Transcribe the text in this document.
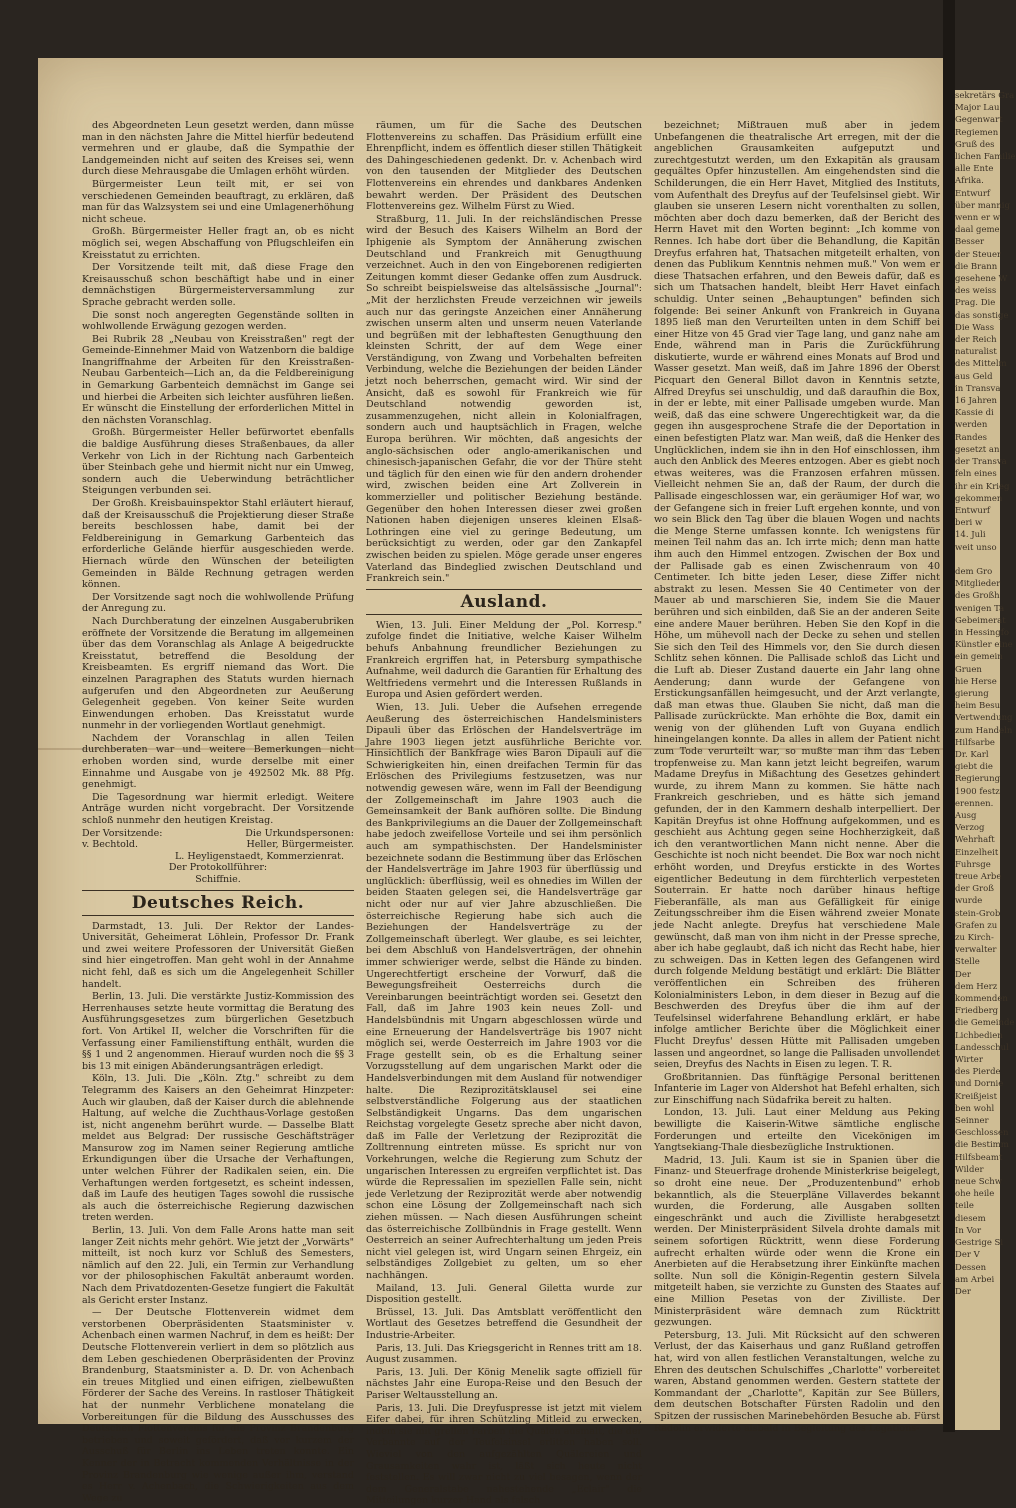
des Abgeordneten Leun gesetzt werden, dann müsse man in den nächsten Jahre die Mittel hierfür bedeutend vermehren und er glaube, daß die Sympathie der Landgemeinden nicht auf seiten des Kreises sei, wenn durch diese Mehrausgabe die Umlagen erhöht würden.

Bürgermeister Leun teilt mit, er sei von verschiedenen Gemeinden beauftragt, zu erklären, daß man für das Walzsystem sei und eine Umlagenerhöhung nicht scheue.

Großh. Bürgermeister Heller fragt an, ob es nicht möglich sei, wegen Abschaffung von Pflugschleifen ein Kreisstatut zu errichten.

Der Vorsitzende teilt mit, daß diese Frage den Kreisausschuß schon beschäftigt habe und in einer demnächstigen Bürgermeisterversammlung zur Sprache gebracht werden solle.

Die sonst noch angeregten Gegenstände sollten in wohlwollende Erwägung gezogen werden.

Bei Rubrik 28 „Neubau von Kreisstraßen" regt der Gemeinde-Einnehmer Maid von Watzenborn die baldige Inangriffnahme der Arbeiten für den Kreisstraßen-Neubau Garbenteich—Lich an, da die Feldbereinigung in Gemarkung Garbenteich demnächst im Gange sei und hierbei die Arbeiten sich leichter ausführen ließen. Er wünscht die Einstellung der erforderlichen Mittel in den nächsten Voranschlag.

Großh. Bürgermeister Heller befürwortet ebenfalls die baldige Ausführung dieses Straßenbaues, da aller Verkehr von Lich in der Richtung nach Garbenteich über Steinbach gehe und hiermit nicht nur ein Umweg, sondern auch die Ueberwindung beträchtlicher Steigungen verbunden sei.

Der Großh. Kreisbauinspektor Stahl erläutert hierauf, daß der Kreisausschuß die Projektierung dieser Straße bereits beschlossen habe, damit bei der Feldbereinigung in Gemarkung Garbenteich das erforderliche Gelände hierfür ausgeschieden werde. Hiernach würde den Wünschen der beteiligten Gemeinden in Bälde Rechnung getragen werden können.

Der Vorsitzende sagt noch die wohlwollende Prüfung der Anregung zu.

Nach Durchberatung der einzelnen Ausgaberubriken eröffnete der Vorsitzende die Beratung im allgemeinen über das dem Voranschlag als Anlage A beigedruckte Kreisstatut, betreffend die Besoldung der Kreisbeamten. Es ergriff niemand das Wort. Die einzelnen Paragraphen des Statuts wurden hiernach aufgerufen und den Abgeordneten zur Aeußerung Gelegenheit gegeben. Von keiner Seite wurden Einwendungen erhoben. Das Kreisstatut wurde nunmehr in der vorliegenden Wortlaut genehmigt.

Nachdem der Voranschlag in allen Teilen durchberaten war und weitere Bemerkungen nicht erhoben worden sind, wurde derselbe mit einer Einnahme und Ausgabe von je 492502 Mk. 88 Pfg. genehmigt.

Die Tagesordnung war hiermit erledigt. Weitere Anträge wurden nicht vorgebracht. Der Vorsitzende schloß nunmehr den heutigen Kreistag.

Der Vorsitzende:	Die Urkundspersonen:
v. Bechtold.	Heller, Bürgermeister.
L. Heyligenstaedt, Kommerzienrat.
Der Protokollführer:
Schiffnie.
Deutsches Reich.

Darmstadt, 13. Juli. Der Rektor der Landes-Universität, Geheimerat Löhlein, Professor Dr. Frank und zwei weitere Professoren der Universität Gießen sind hier eingetroffen. Man geht wohl in der Annahme nicht fehl, daß es sich um die Angelegenheit Schiller handelt.

Berlin, 13. Juli. Die verstärkte Justiz-Kommission des Herrenhauses setzte heute vormittag die Beratung des Ausführungsgesetzes zum bürgerlichen Gesetzbuch fort. Von Artikel II, welcher die Vorschriften für die Verfassung einer Familienstiftung enthält, wurden die §§ 1 und 2 angenommen. Hierauf wurden noch die §§ 3 bis 13 mit einigen Abänderungsanträgen erledigt.

Köln, 13. Juli. Die „Köln. Ztg." schreibt zu dem Telegramm des Kaisers an den Geheimrat Hinzpeter: Auch wir glauben, daß der Kaiser durch die ablehnende Haltung, auf welche die Zuchthaus-Vorlage gestoßen ist, nicht angenehm berührt wurde. — Dasselbe Blatt meldet aus Belgrad: Der russische Geschäftsträger Mansurow zog im Namen seiner Regierung amtliche Erkundigungen über die Ursache der Verhaftungen, unter welchen Führer der Radikalen seien, ein. Die Verhaftungen werden fortgesetzt, es scheint indessen, daß im Laufe des heutigen Tages sowohl die russische als auch die österreichische Regierung dazwischen treten werden.

Berlin, 13. Juli. Von dem Falle Arons hatte man seit langer Zeit nichts mehr gehört. Wie jetzt der „Vorwärts" mitteilt, ist noch kurz vor Schluß des Semesters, nämlich auf den 22. Juli, ein Termin zur Verhandlung vor der philosophischen Fakultät anberaumt worden. Nach dem Privatdozenten-Gesetze fungiert die Fakultät als Gericht erster Instanz.

— Der Deutsche Flottenverein widmet dem verstorbenen Oberpräsidenten Staatsminister v. Achenbach einen warmen Nachruf, in dem es heißt: Der Deutsche Flottenverein verliert in dem so plötzlich aus dem Leben geschiedenen Oberpräsidenten der Provinz Brandenburg, Staatsminister a. D. Dr. von Achenbach ein treues Mitglied und einen eifrigen, zielbewußten Förderer der Sache des Vereins. In rastloser Thätigkeit hat der nunmehr Verblichene monatelang die Vorbereitungen für die Bildung des Ausschusses des Deutschen Flottenvereins für die Provinz Brandenburg betrieben und soweit gefördert, daß vor kurzem der Ausschuß für Berlin ins Leben treten konnte. Ein Kenner der in Betracht kommenden Verhältnisse in der Provinz Brandenburg wie wenige außer ihm, verstand es Herr v. Achenbach, die Schwierigkeiten aus dem Wege zu

räumen, um für die Sache des Deutschen Flottenvereins zu schaffen. Das Präsidium erfüllt eine Ehrenpflicht, indem es öffentlich dieser stillen Thätigkeit des Dahingeschiedenen gedenkt. Dr. v. Achenbach wird von den tausenden der Mitglieder des Deutschen Flottenvereins ein ehrendes und dankbares Andenken bewahrt werden. Der Präsident des Deutschen Flottenvereins gez. Wilhelm Fürst zu Wied.

Straßburg, 11. Juli. In der reichsländischen Presse wird der Besuch des Kaisers Wilhelm an Bord der Iphigenie als Symptom der Annäherung zwischen Deutschland und Frankreich mit Genugthuung verzeichnet. Auch in den von Eingeborenen redigierten Zeitungen kommt dieser Gedanke offen zum Ausdruck. So schreibt beispielsweise das altelsässische „Journal": „Mit der herzlichsten Freude verzeichnen wir jeweils auch nur das geringste Anzeichen einer Annäherung zwischen unserm alten und unserm neuen Vaterlande und begrüßen mit der lebhaftesten Genugthuung den kleinsten Schritt, der auf dem Wege einer Verständigung, von Zwang und Vorbehalten befreiten Verbindung, welche die Beziehungen der beiden Länder jetzt noch beherrschen, gemacht wird. Wir sind der Ansicht, daß es sowohl für Frankreich wie für Deutschland notwendig geworden ist, zusammenzugehen, nicht allein in Kolonialfragen, sondern auch und hauptsächlich in Fragen, welche Europa berühren. Wir möchten, daß angesichts der anglo-sächsischen oder anglo-amerikanischen und chinesisch-japanischen Gefahr, die vor der Thüre steht und täglich für den einen wie für den andern drohender wird, zwischen beiden eine Art Zollverein in kommerzieller und politischer Beziehung bestände. Gegenüber den hohen Interessen dieser zwei großen Nationen haben diejenigen unseres kleinen Elsaß-Lothringen eine viel zu geringe Bedeutung, um berücksichtigt zu werden, oder gar den Zankapfel zwischen beiden zu spielen. Möge gerade unser engeres Vaterland das Bindeglied zwischen Deutschland und Frankreich sein."

Ausland.

Wien, 13. Juli. Einer Meldung der „Pol. Korresp." zufolge findet die Initiative, welche Kaiser Wilhelm behufs Anbahnung freundlicher Beziehungen zu Frankreich ergriffen hat, in Petersburg sympathische Aufnahme, weil dadurch die Garantien für Erhaltung des Weltfriedens vermehrt und die Interessen Rußlands in Europa und Asien gefördert werden.

Wien, 13. Juli. Ueber die Aufsehen erregende Aeußerung des österreichischen Handelsministers Dipauli über das Erlöschen der Handelsverträge im Jahre 1903 liegen jetzt ausführliche Berichte vor. Hinsichtlich der Bankfrage wies Baron Dipauli auf die Schwierigkeiten hin, einen dreifachen Termin für das Erlöschen des Privilegiums festzusetzen, was nur notwendig gewesen wäre, wenn im Fall der Beendigung der Zollgemeinschaft im Jahre 1903 auch die Gemeinsamkeit der Bank aufhören sollte. Die Bindung des Bankprivilegiums an die Dauer der Zollgemeinschaft habe jedoch zweifellose Vorteile und sei ihm persönlich auch am sympathischsten. Der Handelsminister bezeichnete sodann die Bestimmung über das Erlöschen der Handelsverträge im Jahre 1903 für überflüssig und unglücklich: überflüssig, weil es ohnedies im Willen der beiden Staaten gelegen sei, die Handelsverträge gar nicht oder nur auf vier Jahre abzuschließen. Die österreichische Regierung habe sich auch die Beziehungen der Handelsverträge zu der Zollgemeinschaft überlegt. Wer glaube, es sei leichter, bei dem Abschluß von Handelsverträgen, der ohnehin immer schwieriger werde, selbst die Hände zu binden. Ungerechtfertigt erscheine der Vorwurf, daß die Bewegungsfreiheit Oesterreichs durch die Vereinbarungen beeinträchtigt worden sei. Gesetzt den Fall, daß im Jahre 1903 kein neues Zoll- und Handelsbündnis mit Ungarn abgeschlossen würde und eine Erneuerung der Handelsverträge bis 1907 nicht möglich sei, werde Oesterreich im Jahre 1903 vor die Frage gestellt sein, ob es die Erhaltung seiner Vorzugsstellung auf dem ungarischen Markt oder die Handelsverbindungen mit dem Ausland für notwendiger halte. Die Reziprozitätsklausel sei eine selbstverständliche Folgerung aus der staatlichen Selbständigkeit Ungarns. Das dem ungarischen Reichstag vorgelegte Gesetz spreche aber nicht davon, daß im Falle der Verletzung der Reziprozität die Zolltrennung eintreten müsse. Es spricht nur von Vorkehrungen, welche die Regierung zum Schutz der ungarischen Interessen zu ergreifen verpflichtet ist. Das würde die Repressalien im speziellen Falle sein, nicht jede Verletzung der Reziprozität werde aber notwendig schon eine Lösung der Zollgemeinschaft nach sich ziehen müssen. — Nach diesen Ausführungen scheint das österreichische Zollbündnis in Frage gestellt. Wenn Oesterreich an seiner Aufrechterhaltung um jeden Preis nicht viel gelegen ist, wird Ungarn seinen Ehrgeiz, ein selbständiges Zollgebiet zu gelten, um so eher nachhängen.

Mailand, 13. Juli. General Giletta wurde zur Disposition gestellt.

Brüssel, 13. Juli. Das Amtsblatt veröffentlicht den Wortlaut des Gesetzes betreffend die Gesundheit der Industrie-Arbeiter.

Paris, 13. Juli. Das Kriegsgericht in Rennes tritt am 18. August zusammen.

Paris, 13. Juli. Der König Menelik sagte offiziell für nächstes Jahr eine Europa-Reise und den Besuch der Pariser Weltausstellung an.

Paris, 13. Juli. Die Dreyfuspresse ist jetzt mit vielem Eifer dabei, für ihren Schützling Mitleid zu erwecken, indem sie mit grellen Farben die Qualen ausmalt, die der Verbannte auf der Teufelsinsel erlitten haben soll. Wieviel von den aufgezählten Quälereien und Grausamkeiten wahr ist, läßt sich heute nicht feststellen. Es will zwar nicht zu viel besagen, wenn der dem Generalstabe nahestehende „Eclair" die Mitteilungen kurzer Hand als falsch

bezeichnet; Mißtrauen muß aber in jedem Unbefangenen die theatralische Art erregen, mit der die angeblichen Grausamkeiten aufgeputzt und zurechtgestutzt werden, um den Exkapitän als grausam gequältes Opfer hinzustellen. Am eingehendsten sind die Schilderungen, die ein Herr Havet, Mitglied des Instituts, vom Aufenthalt des Dreyfus auf der Teufelsinsel giebt. Wir glauben sie unseren Lesern nicht vorenthalten zu sollen, möchten aber doch dazu bemerken, daß der Bericht des Herrn Havet mit den Worten beginnt: „Ich komme von Rennes. Ich habe dort über die Behandlung, die Kapitän Dreyfus erfahren hat, Thatsachen mitgeteilt erhalten, von denen das Publikum Kenntnis nehmen muß." Von wem er diese Thatsachen erfahren, und den Beweis dafür, daß es sich um Thatsachen handelt, bleibt Herr Havet einfach schuldig. Unter seinen „Behauptungen" befinden sich folgende: Bei seiner Ankunft von Frankreich in Guyana 1895 ließ man den Verurteilten unten in dem Schiff bei einer Hitze von 45 Grad vier Tage lang, und ganz nahe am Ende, während man in Paris die Zurückführung diskutierte, wurde er während eines Monats auf Brod und Wasser gesetzt. Man weiß, daß im Jahre 1896 der Oberst Picquart den General Billot davon in Kenntnis setzte, Alfred Dreyfus sei unschuldig, und daß daraufhin die Box, in der er lebte, mit einer Pallisade umgeben wurde. Man weiß, daß das eine schwere Ungerechtigkeit war, da die gegen ihn ausgesprochene Strafe die der Deportation in einen befestigten Platz war. Man weiß, daß die Henker des Unglücklichen, indem sie ihn in den Hof einschlossen, ihm auch den Anblick des Meeres entzogen. Aber es giebt noch etwas weiteres, was die Franzosen erfahren müssen. Vielleicht nehmen Sie an, daß der Raum, der durch die Pallisade eingeschlossen war, ein geräumiger Hof war, wo der Gefangene sich in freier Luft ergehen konnte, und von wo sein Blick den Tag über die blauen Wogen und nachts die Menge Sterne umfassen konnte. Ich wenigstens für meinen Teil nahm das an. Ich irrte mich; denn man hatte ihm auch den Himmel entzogen. Zwischen der Box und der Pallisade gab es einen Zwischenraum von 40 Centimeter. Ich bitte jeden Leser, diese Ziffer nicht abstrakt zu lesen. Messen Sie 40 Centimeter von der Mauer ab und marschieren Sie, indem Sie die Mauer berühren und sich einbilden, daß Sie an der anderen Seite eine andere Mauer berühren. Heben Sie den Kopf in die Höhe, um mühevoll nach der Decke zu sehen und stellen Sie sich den Teil des Himmels vor, den Sie durch diesen Schlitz sehen können. Die Pallisade schloß das Licht und die Luft ab. Dieser Zustand dauerte ein Jahr lang ohne Aenderung; dann wurde der Gefangene von Erstickungsanfällen heimgesucht, und der Arzt verlangte, daß man etwas thue. Glauben Sie nicht, daß man die Pallisade zurückrückte. Man erhöhte die Box, damit ein wenig von der glühenden Luft von Guyana endlich hineingelangen konnte. Da alles in allem der Patient nicht zum Tode verurteilt war, so mußte man ihm das Leben tropfenweise zu. Man kann jetzt leicht begreifen, warum Madame Dreyfus in Mißachtung des Gesetzes gehindert wurde, zu ihrem Mann zu kommen. Sie hätte nach Frankreich geschrieben, und es hätte sich jemand gefunden, der in den Kammern deshalb interpelliert. Der Kapitän Dreyfus ist ohne Hoffnung aufgekommen, und es geschieht aus Achtung gegen seine Hochherzigkeit, daß ich den verantwortlichen Mann nicht nenne. Aber die Geschichte ist noch nicht beendet. Die Box war noch nicht erhöht worden, und Dreyfus erstickte in des Wortes eigentlicher Bedeutung in dem fürchterlich verpesteten Souterrain. Er hatte noch darüber hinaus heftige Fieberanfälle, als man aus Gefälligkeit für einige Zeitungsschreiber ihm die Eisen während zweier Monate jede Nacht anlegte. Dreyfus hat verschiedene Male gewünscht, daß man von ihm nicht in der Presse spreche, aber ich habe geglaubt, daß ich nicht das Recht habe, hier zu schweigen. Das in Ketten legen des Gefangenen wird durch folgende Meldung bestätigt und erklärt: Die Blätter veröffentlichen ein Schreiben des früheren Kolonialministers Lebon, in dem dieser in Bezug auf die Beschwerden des Dreyfus über die ihm auf der Teufelsinsel widerfahrene Behandlung erklärt, er habe infolge amtlicher Berichte über die Möglichkeit einer Flucht Dreyfus' dessen Hütte mit Pallisaden umgeben lassen und angeordnet, so lange die Pallisaden unvollendet seien, Dreyfus des Nachts in Eisen zu legen. T. R.

Großbritannien. Das fünftägige Personal berittenen Infanterie im Lager von Aldershot hat Befehl erhalten, sich zur Einschiffung nach Südafrika bereit zu halten.

London, 13. Juli. Laut einer Meldung aus Peking bewilligte die Kaiserin-Witwe sämtliche englische Forderungen und erteilte den Vicekönigen im Yangtsekiang-Thale diesbezügliche Instruktionen.

Madrid, 13. Juli. Kaum ist sie in Spanien über die Finanz- und Steuerfrage drohende Ministerkrise beigelegt, so droht eine neue. Der „Produzentenbund" erhob bekanntlich, als die Steuerpläne Villaverdes bekannt wurden, die Forderung, alle Ausgaben sollten eingeschränkt und auch die Zivilliste herabgesetzt werden. Der Ministerpräsident Silvela drohte damals mit seinem sofortigen Rücktritt, wenn diese Forderung aufrecht erhalten würde oder wenn die Krone ein Anerbieten auf die Herabsetzung ihrer Einkünfte machen sollte. Nun soll die Königin-Regentin gestern Silvela mitgeteilt haben, sie verzichte zu Gunsten des Staates auf eine Million Pesetas von der Zivilliste. Der Ministerpräsident wäre demnach zum Rücktritt gezwungen.

Petersburg, 13. Juli. Mit Rücksicht auf den schweren Verlust, der das Kaiserhaus und ganz Rußland getroffen hat, wird von allen festlichen Veranstaltungen, welche zu Ehren des deutschen Schulschiffes „Charlotte" vorbereitet waren, Abstand genommen werden. Gestern stattete der Kommandant der „Charlotte", Kapitän zur See Büllers, dem deutschen Botschafter Fürsten Radolin und den Spitzen der russischen Marinebehörden Besuche ab. Fürst Radolin erwiderte alsbald in Begleitung des Legations-

sekretärs Gra

Major Lau

Gegenwart

Regiemen

Gruß des

lichen Familie

alle Ente

Afrika.

Entwurf

über mannig

wenn er w

daal geme

Besser

der Steuer

die Brann

gesehene W

des weiss

Prag. Die

das sonstige

Die Wass

der Reich

naturalist

des Mittelm

aus Geld

in Transva

16 Jahren

Kassie di

werden

Randes

gesetzt an

der Transva

feln eines

ihr ein Krieg

gekommen

Entwurf

beri w

14. Juli

weit unso

dem Gro

Mitglieder

des Großh

wenigen Ta

Gebeimerat

in Hessingfo

Künstler eine

ein gemein

Gruen

hie Herse

gierung

heim Besu

Vertwendung

zum Handeln

Hilfsarbe

Dr. Karl

giebt die

Regierung

1900 festz

erennen.

Ausg

Verzog

Wehrhaft

Einzelheit

Fuhrsge

treue Arbe

der Groß

wurde

stein-Grob

Grafen zu

zu Kirch-

verwalter

Stelle

Der

dem Herz

kommenden

Friedberg

die Gemeinde

Lichbedien

Landesschul

Wirter

des Pierde

und Dornie

Kreißjeist

ben wohl

Seinner

Geschlossen

die Bestimm

Hilfsbeamt

Wilder

neue Schw

ohe heile

teile

diesem

In Vor

Gestrige Si

Der V

Dessen

am Arbei

Der
